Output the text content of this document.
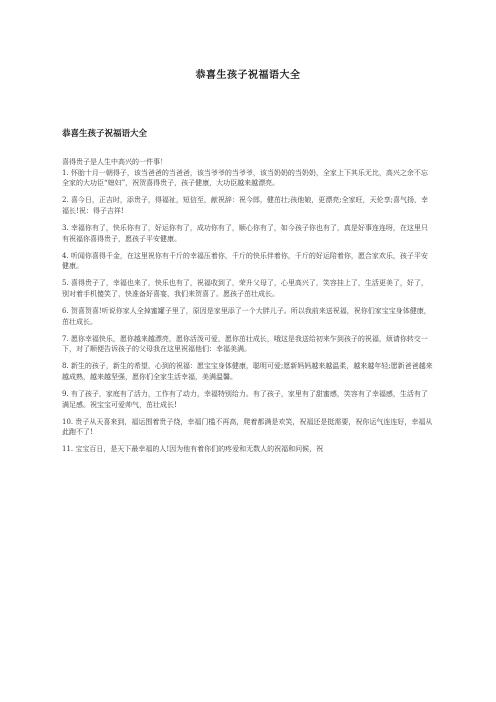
恭喜生孩子祝福语大全
恭喜生孩子祝福语大全

喜得贵子是人生中高兴的一件事！

1. 怀胎十月一朝得子，该当爸爸的当爸爸，该当爷爷的当爷爷，该当奶奶的当奶奶，全家上下其乐无比，高兴之余不忘全家的大功臣“媳妇”，祝贺喜得贵子，孩子健康，大功臣越来越漂亮。

2. 喜今日，正吉时，添贵子，得福祉，短信至，献祝辞：祝今郎，健茁壮;孩他娘，更漂亮;全家旺，天伦享;喜气扬，幸福长!祝：得子吉祥!

3. 幸福你有了，快乐你有了，好运你有了，成功你有了，顺心你有了，如今孩子你也有了，真是好事连连呀，在这里只有祝福你喜得贵子，愿孩子平安健康。

4. 听闻你喜得千金，在这里祝你有千斤的幸福压着你，千斤的快乐伴着你，千斤的好运陪着你，愿合家欢乐，孩子平安健康。

5. 喜得贵子了，幸福也来了，快乐也有了，祝福收到了，荣升父母了，心里高兴了，笑容挂上了，生活更美了，好了，别对着手机傻笑了，快准备好喜宴，我们来贺喜了。愿孩子茁壮成长。

6. 贺喜贺喜!听说你家人全掉蜜罐子里了，原因是家里添了一个大胖儿子。所以我前来送祝福，祝你们家宝宝身体健康，茁壮成长。

7. 愿你幸福快乐，愿你越来越漂亮，愿你活泼可爱，愿你茁壮成长，哦这是我送给初来乍到孩子的祝福，烦请你转交一下，对了顺便告诉孩子的父母我在这里祝福他们：幸福美满。

8. 新生的孩子，新生的希望，心到的祝福：愿宝宝身体健康，聪明可爱;愿新妈妈越来越温柔，越来越年轻;愿新爸爸越来越成熟，越来越坚强，愿你们全家生活幸福，美满温馨。

9. 有了孩子，家庭有了活力，工作有了动力，幸福特别给力。有了孩子，家里有了甜蜜感，笑容有了幸福感，生活有了满足感。祝宝宝可爱帅气，茁壮成长!

10. 贵子从天喜来到，福运围着贵子绕，幸福门槛不再高，爬着都满是欢笑，祝福还是挺需要，祝你运气连连好，幸福从此跑不了!

11. 宝宝百日，是天下最幸福的人!因为他有着你们的疼爱和无数人的祝福和问候，祝
